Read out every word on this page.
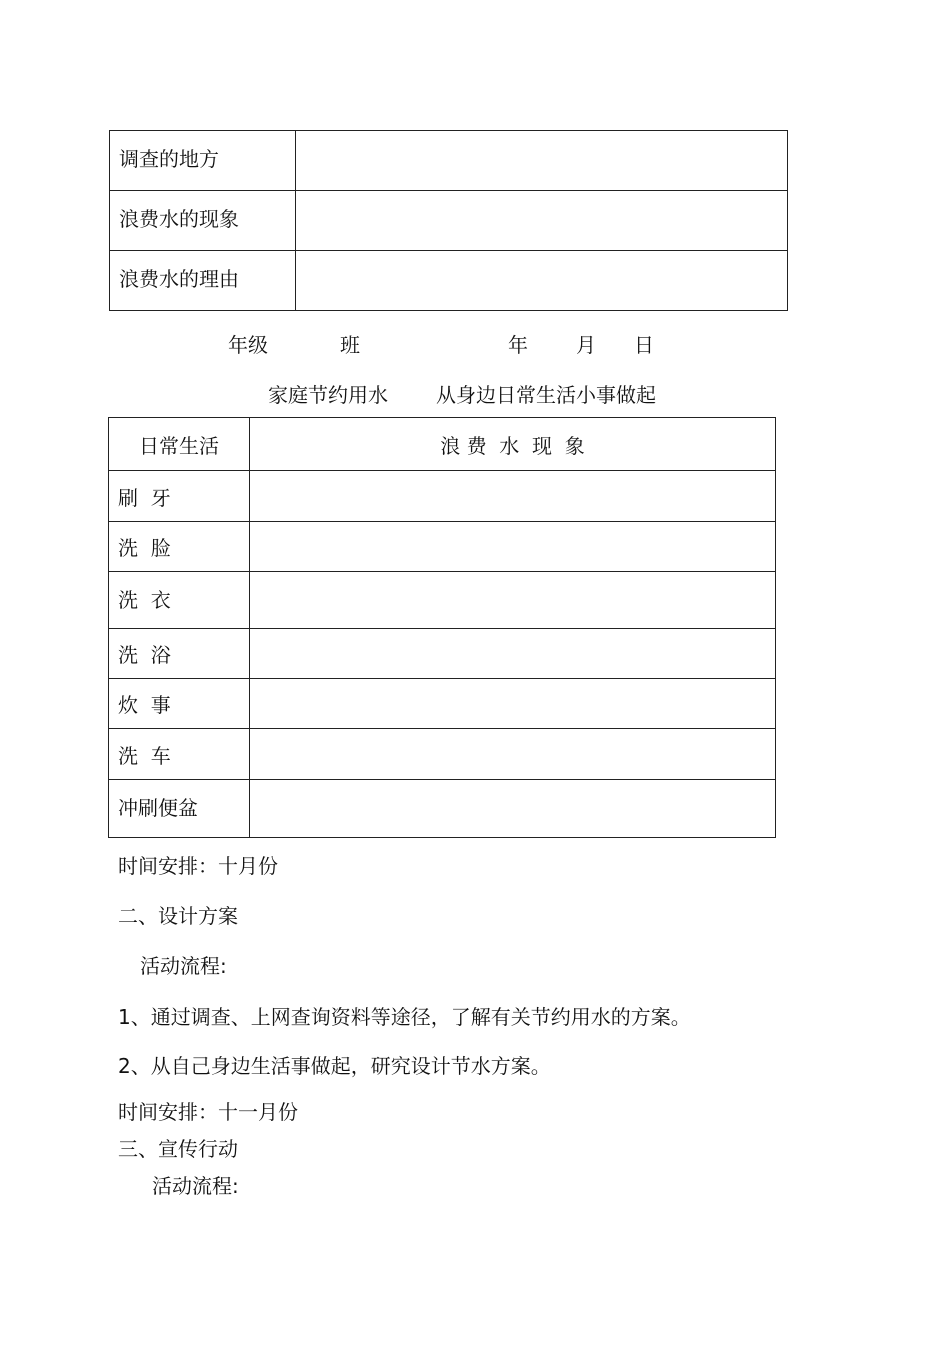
调查的地方	
浪费水的现象	
浪费水的理由	
年级	班	年 月 日
家庭节约用水 从身边日常生活小事做起
日常生活	浪 费  水  现  象
刷  牙	
洗  脸	
洗  衣	
洗  浴	
炊  事	
洗  车	
冲刷便盆	
时间安排：十月份
二、设计方案
活动流程:
1、通过调查、上网查询资料等途径，了解有关节约用水的方案。
2、从自己身边生活事做起，研究设计节水方案。
时间安排：十一月份
三、宣传行动
活动流程:
